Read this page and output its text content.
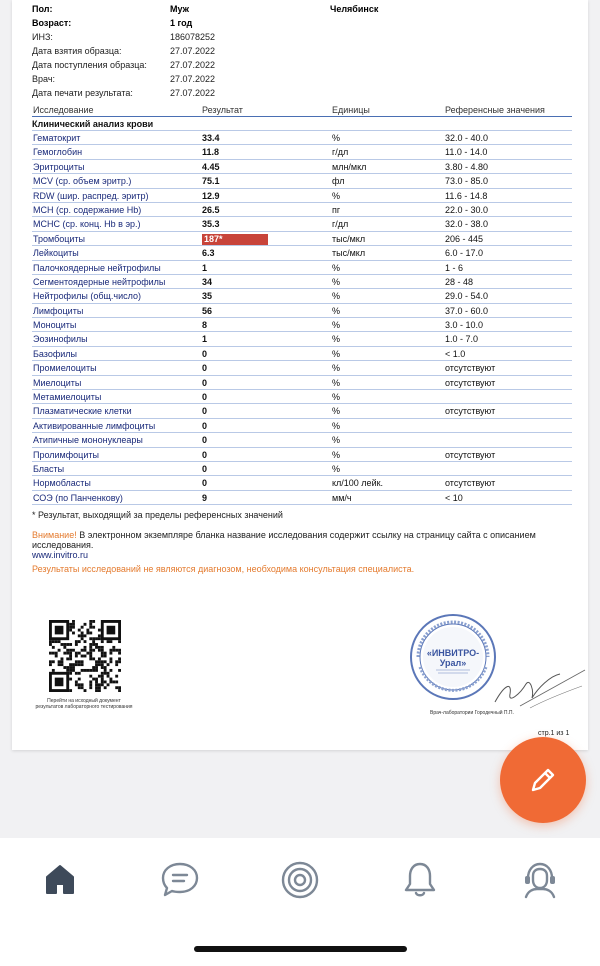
Пол:	Муж	Челябинск
Возраст:	1 год
ИНЗ:	186078252
Дата взятия образца:	27.07.2022
Дата поступления образца:	27.07.2022
Врач:	27.07.2022
Дата печати результата:	27.07.2022
Исследование	Результат	Единицы	Референсные значения
Клинический анализ крови
Гематокрит	33.4	%	32.0 - 40.0
Гемоглобин	11.8	г/дл	11.0 - 14.0
Эритроциты	4.45	млн/мкл	3.80 - 4.80
MCV (ср. объем эритр.)	75.1	фл	73.0 - 85.0
RDW (шир. распред. эритр)	12.9	%	11.6 - 14.8
MCH (ср. содержание Hb)	26.5	пг	22.0 - 30.0
MCHC (ср. конц. Hb в эр.)	35.3	г/дл	32.0 - 38.0
Тромбоциты	187*	тыс/мкл	206 - 445
Лейкоциты	6.3	тыс/мкл	6.0 - 17.0
Палочкоядерные нейтрофилы	1	%	1 - 6
Сегментоядерные нейтрофилы	34	%	28 - 48
Нейтрофилы (общ.число)	35	%	29.0 - 54.0
Лимфоциты	56	%	37.0 - 60.0
Моноциты	8	%	3.0 - 10.0
Эозинофилы	1	%	1.0 - 7.0
Базофилы	0	%	< 1.0
Промиелоциты	0	%	отсутствуют
Миелоциты	0	%	отсутствуют
Метамиелоциты	0	%
Плазматические клетки	0	%	отсутствуют
Активированные лимфоциты	0	%
Атипичные мононуклеары	0	%
Пролимфоциты	0	%	отсутствуют
Бласты	0	%
Нормобласты	0	кл/100 лейк.	отсутствуют
СОЭ (по Панченкову)	9	мм/ч	< 10
* Результат, выходящий за пределы референсных значений
Внимание! В электронном экземпляре бланка название исследования содержит ссылку на страницу сайта с описанием исследования.
www.invitro.ru
Результаты исследований не являются диагнозом, необходима консультация специалиста.
Перейти на исходный документ результатов лабораторного тестирования
«ИНВИТРО-
Урал»
Врач-лаборатории Городечный П.П.
стр.1 из 1
